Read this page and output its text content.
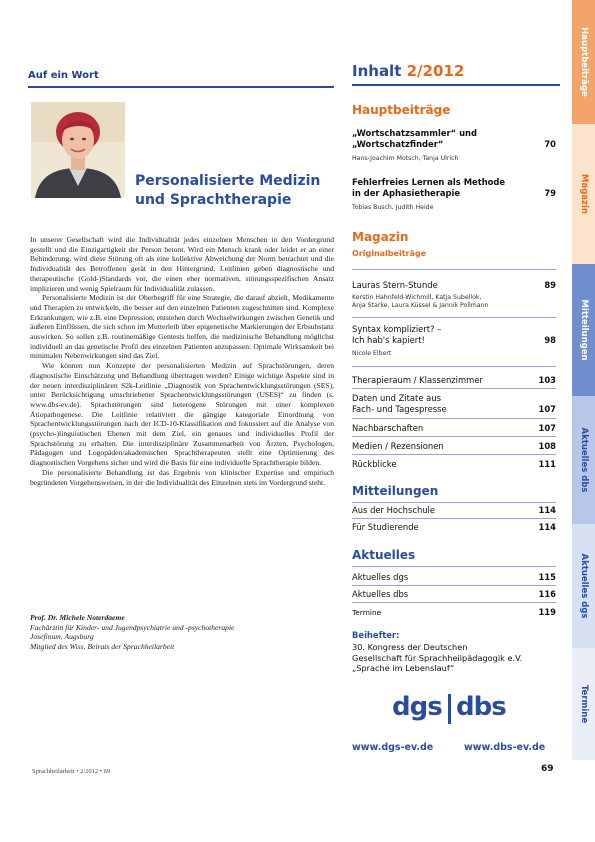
Auf ein Wort
Personalisierte Medizin und Sprachtherapie

In unserer Gesellschaft wird die Individualität jedes einzelnen Menschen in den Vordergrund gestellt und die Einzigartigkeit der Person betont. Wird ein Mensch krank oder leidet er an einer Behinderung, wird diese Störung oft als eine kollektive Abweichung der Norm betrachtet und die Individualität des Betroffenen gerät in den Hintergrund. Leitlinien geben diagnostische und therapeutische (Gold-)Standards vor, die einen eher normativen, störungsspezifischen Ansatz implizieren und wenig Spielraum für Individualität zulassen.

Personalisierte Medizin ist der Oberbegriff für eine Strategie, die darauf abzielt, Medikamente und Therapien zu entwickeln, die besser auf den einzelnen Patienten zugeschnitten sind. Komplexe Erkrankungen, wie z.B. eine Depression, entstehen durch Wechselwirkungen zwischen Genetik und äußeren Einflüssen, die sich schon im Mutterleib über epigenetische Markierungen der Erbsubstanz auswirken. So sollen z.B. routinemäßige Gentests helfen, die medizinische Behandlung möglichst individuell an das genetische Profil des einzelnen Patienten anzupassen: Optimale Wirksamkeit bei minimalen Nebenwirkungen sind das Ziel.

Wie können nun Konzepte der personalisierten Medizin auf Sprachstörungen, deren diagnostische Einschätzung und Behandlung übertragen werden? Einige wichtige Aspekte sind in der neuen interdisziplinären S2k-Leitlinie „Diagnostik von Sprachentwicklungsstörungen (SES), unter Berücksichtigung umschriebener Sprachentwicklungsstörungen (USES)“ zu finden (s. www.dbs-ev.de). Sprachstörungen sind heterogene Störungen mit einer komplexen Ätiopathogenese. Die Leitlinie relativiert die gängige kategoriale Einordnung von Sprachentwicklungsstörungen nach der ICD-10-Klassifikation und fokussiert auf die Analyse von (psycho-)linguistischen Ebenen mit dem Ziel, ein genaues und individuelles Profil der Sprachstörung zu erhalten. Die interdisziplinäre Zusammenarbeit von Ärzten, Psychologen, Pädagogen und Logopäden/akademischen Sprachtherapeuten stellt eine Optimierung des diagnostischen Vorgehens sicher und wird die Basis für eine individuelle Sprachtherapie bilden.

Die personalisierte Behandlung ist das Ergebnis von klinischer Expertise und empirisch begründeten Vorgehensweisen, in der die Individualität des Einzelnen stets im Vordergrund steht.

Prof. Dr. Michele Noterdaeme
Fachärztin für Kinder- und Jugendpsychiatrie und -psychotherapie
Josefinum, Augsburg
Mitglied des Wiss. Beirats der Sprachheilarbeit
Sprachheilarbeit • 2/2012 • 69
Inhalt 2/2012
Hauptbeiträge
„Wortschatzsammler“ und
„Wortschatzfinder“	70
Hans-Joachim Motsch, Tanja Ulrich
Fehlerfreies Lernen als Methode
in der Aphasietherapie	79
Tobias Busch, Judith Heide
Magazin
Originalbeiträge
Lauras Stern-Stunde	89
Kerstin Hahnfeld-Wichmill, Katja Subellok,
Anja Starke, Laura Küssel & Jannik Pollmann
Syntax kompliziert? –
Ich hab's kapiert!	98
Nicole Elbert
Therapieraum / Klassenzimmer	103
Daten und Zitate aus
Fach- und Tagespresse	107
Nachbarschaften	107
Medien / Rezensionen	108
Rückblicke	111
Mitteilungen
Aus der Hochschule	114
Für Studierende	114
Aktuelles
Aktuelles dgs	115
Aktuelles dbs	116
Termine	119
Beihefter:
30. Kongress der Deutschen
Gesellschaft für Sprachheilpädagogik e.V.
„Sprache im Lebenslauf“
dgs dbs
www.dgs-ev.de	www.dbs-ev.de
69
Hauptbeiträge
Magazin
Mitteilungen
Aktuelles dbs
Aktuelles dgs
Termine
